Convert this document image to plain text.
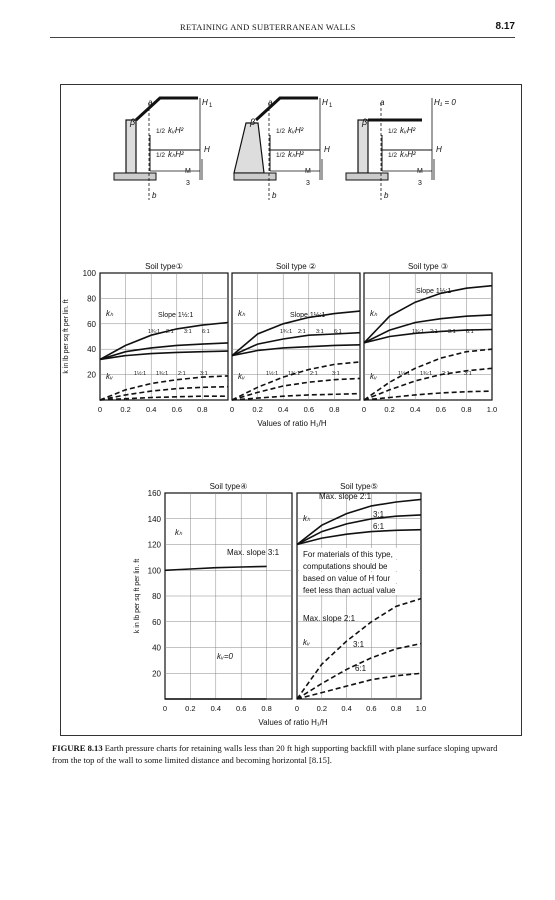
RETAINING AND SUBTERRANEAN WALLS	8.17
a
β
H 1
1/2 kᵥH²
1/2 kₕH²
H
M
3
b
a
β
H 1
1/2 kᵥH²
1/2 kₕH²
H
M
3
b
a
β
H₁ = 0
1/2 kᵥH²
1/2 kₕH²
H
M
3
b
Soil type①
kₕ
kᵥ
Slope 1½:1
1¾:1 2:1 3:1 6:1
1½:1 1¾:1 2:1	3:1
Soil type ②
kₕ
kᵥ
Slope 1½:1
1¾:1 2:1 3:1 6:1
1½:1 1¾:1 2:1	3:1
Soil type ③
kₕ
kᵥ
Slope 1½:1
1¾:1 2:1 3:1 6:1
1½:1 1¾:1 2:1	3:1
20
40
60
80
100
0 0.2 0.4 0.6 0.8	0 0.2 0.4 0.6 0.8	0 0.2 0.4 0.6 0.8 1.0
Values of ratio H₁/H
k in lb per sq ft per lin. ft
Soil type④	Soil type⑤
kₕ
Max. slope 3:1
kᵥ=0
kₕ
Max. slope 2:1
3:1
6:1
For materials of this type,
computations should be
based on value of H four
feet less than actual value
Max. slope 2:1
kᵥ	3:1
6:1
20
40
60
80
100
120
140
160
0 0.2 0.4 0.6 0.8	0 0.2 0.4 0.6 0.8 1.0
Values of ratio H₁/H
k in lb per sq ft per lin. ft
FIGURE 8.13 Earth pressure charts for retaining walls less than 20 ft high supporting backfill with plane surface sloping upward from the top of the wall to some limited distance and becoming horizontal [8.15].
